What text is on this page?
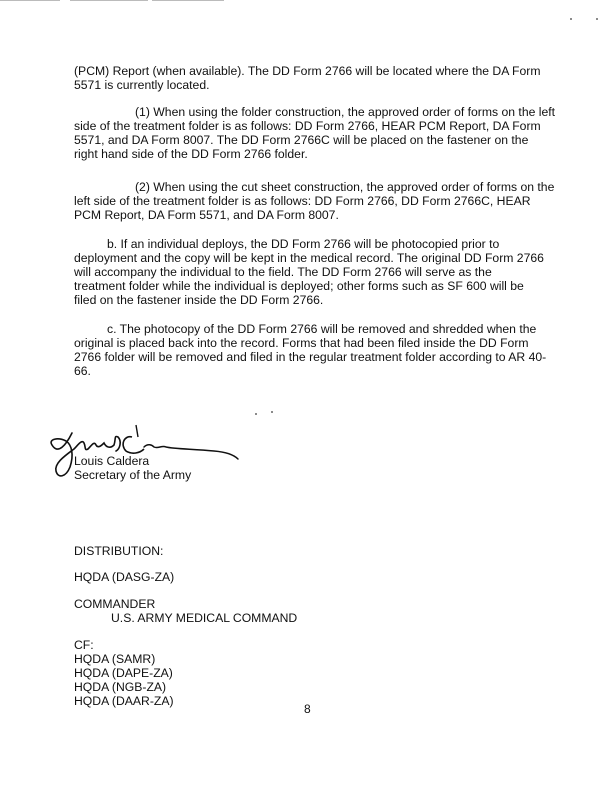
(PCM) Report (when available). The DD Form 2766 will be located where the DA Form
5571 is currently located.
(1) When using the folder construction, the approved order of forms on the left
side of the treatment folder is as follows: DD Form 2766, HEAR PCM Report, DA Form
5571, and DA Form 8007. The DD Form 2766C will be placed on the fastener on the
right hand side of the DD Form 2766 folder.
(2) When using the cut sheet construction, the approved order of forms on the
left side of the treatment folder is as follows: DD Form 2766, DD Form 2766C, HEAR
PCM Report, DA Form 5571, and DA Form 8007.
b. If an individual deploys, the DD Form 2766 will be photocopied prior to
deployment and the copy will be kept in the medical record. The original DD Form 2766
will accompany the individual to the field. The DD Form 2766 will serve as the
treatment folder while the individual is deployed; other forms such as SF 600 will be
filed on the fastener inside the DD Form 2766.
c. The photocopy of the DD Form 2766 will be removed and shredded when the
original is placed back into the record. Forms that had been filed inside the DD Form
2766 folder will be removed and filed in the regular treatment folder according to AR 40-
66.
Louis Caldera
Secretary of the Army
DISTRIBUTION:
HQDA (DASG-ZA)
COMMANDER
U.S. ARMY MEDICAL COMMAND
CF:
HQDA (SAMR)
HQDA (DAPE-ZA)
HQDA (NGB-ZA)
HQDA (DAAR-ZA)
8
